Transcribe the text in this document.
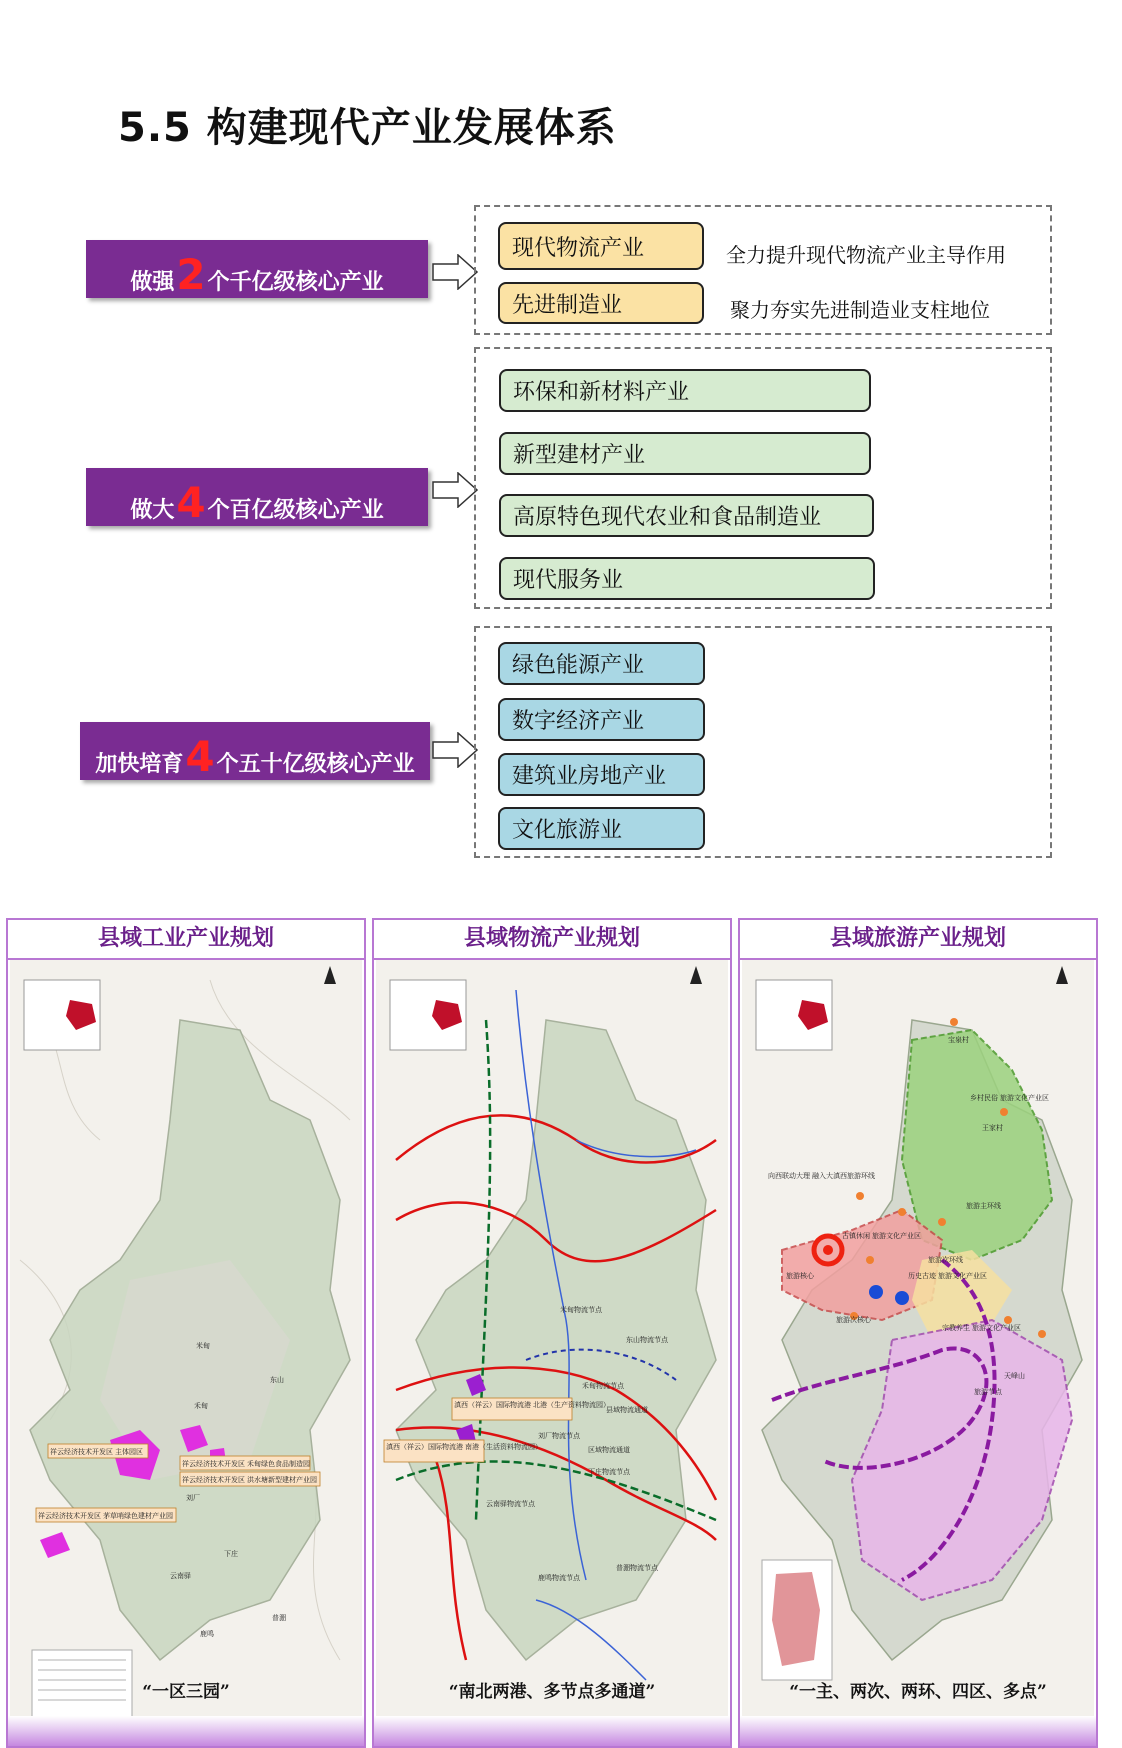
5.5 构建现代产业发展体系
做强 2 个千亿级核心产业
现代物流产业
先进制造业
全力提升现代物流产业主导作用
聚力夯实先进制造业支柱地位
做大 4 个百亿级核心产业
环保和新材料产业
新型建材产业
高原特色现代农业和食品制造业
现代服务业
加快培育 4 个五十亿级核心产业
绿色能源产业
数字经济产业
建筑业房地产业
文化旅游业
县域工业产业规划
祥云经济技术开发区 主体园区
祥云经济技术开发区 禾甸绿色食品制造园
祥云经济技术开发区 洪水塘新型建材产业园
祥云经济技术开发区 茅草哨绿色建材产业园
米甸
禾甸
东山
刘厂
下庄
云南驿
鹿鸣
普淜
“一区三园”
县域物流产业规划
滇西（祥云）国际物流港 北港（生产资料物流园）
滇西（祥云）国际物流港 南港（生活资料物流园）
米甸物流节点
东山物流节点
禾甸物流节点
县域物流通道
刘厂物流节点
区域物流通道
下庄物流节点
云南驿物流节点
鹿鸣物流节点
普淜物流节点
“南北两港、多节点多通道”
县域旅游产业规划
宝泉村
乡村民俗 旅游文化产业区
向西联动大理 融入大滇西旅游环线
王家村
旅游主环线
古镇休闲 旅游文化产业区
旅游核心
旅游次环线
历史古迹 旅游文化产业区
宗教养生 旅游文化产业区
旅游次核心
旅游节点
天峰山
“一主、两次、两环、四区、多点”
